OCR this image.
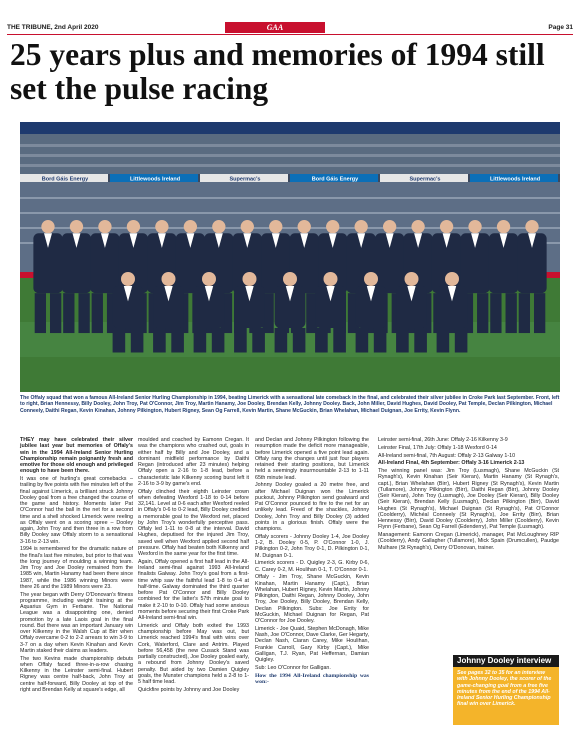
THE TRIBUNE, 2nd April 2020	GAA	Page 31
25 years plus and memories of 1994 still set the pulse racing
Bord Gáis Energy	Littlewoods Ireland	Supermac's	Bord Gáis Energy	Supermac's	Littlewoods Ireland

The Offaly squad that won a famous All-Ireland Senior Hurling Championship in 1994, beating Limerick with a sensational late comeback in the final, and celebrated their silver jubilee in Croke Park last September. Front, left to right, Brian Hennessy, Billy Dooley, John Troy, Pat O'Connor, Jim Troy, Martin Hanamy, Joe Dooley, Brendan Kelly, Johnny Dooley. Back, John Miller, David Hughes, David Dooley, Pat Temple, Declan Pilkington, Michael Conneely, Daithi Regan, Kevin Kinahan, Johnny Pilkington, Hubert Rigney, Sean Og Farrell, Kevin Martin, Shane McGuckin, Brian Whelahan, Michael Duignan, Joe Errity, Kevin Flynn.

THEY may have celebrated their silver jubilee last year but memories of Offaly's win in the 1994 All-Ireland Senior Hurling Championship remain poignantly fresh and emotive for those old enough and privileged enough to have been there.

It was one of hurling's great comebacks – trailing by five points with five minutes left of the final against Limerick, a brilliant struck Johnny Dooley goal from a free changed the course of the game and history. Moments later Pat O'Connor had the ball in the net for a second time and a shell shocked Limerick were reeling as Offaly went on a scoring spree – Dooley again, John Troy and then three in a row from Billy Dooley saw Offaly storm to a sensational 3-16 to 2-13 win.

1994 is remembered for the dramatic nature of the final's last five minutes, but prior to that was the long journey of moulding a winning team. Jim Troy and Joe Dooley remained from the 1985 win, Martin Hanamy had been there since 1987, while the 1986 winning Minors were there 26 and the 1989 Minors were 23.

The year began with Derry O'Donovan's fitness programme, including weight training at the Aquarius Gym in Ferbane. The National League was a disappointing one, denied promotion by a late Laois goal in the final round. But there was an important January win over Kilkenny in the Walsh Cup at Birr when Offaly overcame 0-2 to 2-2 arrears to win 3-9 to 3-7 on a day when Kevin Kinahan and Kevin Martin staked their claims as leaders.

The two Kevins made championship debuts when Offaly faced three-in-a-row chasing Kilkenny in the Leinster semi-final. Hubert Rigney was centre half-back, John Troy at centre half-forward, Billy Dooley at top of the right and Brendan Kelly at square's edge, all

moulded and coached by Eamonn Cregan. It was the champions who crashed out, goals in either half by Billy and Joe Dooley, and a dominant midfield performance by Daithi Regan (introduced after 23 minutes) helping Offaly open a 2-16 to 1-8 lead, before a characteristic late Kilkenny scoring burst left it 2-16 to 3-9 by game's end.

Offaly clinched their eighth Leinster crown when defeating Wexford 1-18 to 0-14 before 32,141. Level at 0-6 each after Wexford reeled in Offaly's 0-6 to 0-2 lead, Billy Dooley credited a memorable goal to the Wexford net, placed by John Troy's wonderfully perceptive pass. Offaly led 1-11 to 0-8 at the interval. David Hughes, deputised for the injured Jim Troy, saved well when Wexford applied second half pressure. Offaly had beaten both Kilkenny and Wexford in the same year for the first time.

Again, Offaly opened a first half lead in the All-Ireland semi-final against 1993 All-Ireland finalists Galway. John Troy's goal from a first-time whip saw the faithful lead 1-8 to 0-4 at half-time. Galway dominated the third quarter before Pat O'Connor and Billy Dooley combined for the latter's 57th minute goal to make it 2-10 to 0-10. Offaly had some anxious moments before securing their first Croke Park All-Ireland semi-final win.

Limerick and Offaly both exited the 1993 championship before May was out, but Limerick reached 1994's final with wins over Cork, Waterford, Clare and Antrim. Played before 56,458 (the new Cusack Stand was partially constructed), Joe Dooley goaled early, a rebound from Johnny Dooley's saved penalty. But aided by two Damien Quigley goals, the Munster champions held a 2-8 to 1-5 half time lead.

Quickfire points by Johnny and Joe Dooley

and Declan and Johnny Pilkington following the resumption made the deficit more manageable, before Limerick opened a five point lead again. Offaly rang the changes until just four players retained their starting positions, but Limerick held a seemingly insurmountable 2-13 to 1-11 65th minute lead.

Johnny Dooley goaled a 20 metre free, and after Michael Duignan won the Limerick puckout, Johnny Pilkington send goalward and Pat O'Connor pounced to fire to the net for an unlikely lead. Freed of the shackles, Johnny Dooley, John Troy and Billy Dooley (3) added points in a glorious finish. Offaly were the champions.

Offaly scorers - Johnny Dooley 1-4, Joe Dooley 1-2, B. Dooley 0-5, P. O'Connor 1-0, J. Pilkington 0-2, John Troy 0-1, D. Pilkington 0-1, M. Duignan 0-1.

Limerick scorers - D. Quigley 2-3, G. Kirby 0-6, C. Carey 0-2, M. Houlihan 0-1, T. O'Connor 0-1.

Offaly - Jim Troy, Shane McGuckin, Kevin Kinahan, Martin Hanamy (Capt.), Brian Whelahan, Hubert Rigney, Kevin Martin, Johnny Pilkington, Daithi Regan, Johnny Dooley, John Troy, Joe Dooley, Billy Dooley, Brendan Kelly, Declan Pilkington. Subs: Joe Errity for McGuckin, Michael Duignan for Regan, Pat O'Connor for Joe Dooley.

Limerick - Joe Quaid, Stephen McDonagh, Mike Nash, Joe O'Connor, Dave Clarke, Ger Hegarty, Declan Nash, Ciaran Carey, Mike Houlihan, Frankie Carroll, Gary Kirby (Capt.), Mike Galligan, T.J. Ryan, Pat Heffernan, Damian Quigley.

Sub: Leo O'Connor for Galligan.

How the 1994 All-Ireland championship was won:-

Leinster semi-final, 26th June: Offaly 2-16 Kilkenny 3-9

Leinster Final, 17th July: Offaly 1-18 Wexford 0-14

All-Ireland semi-final, 7th August: Offaly 2-13 Galway 1-10

All-Ireland Final, 4th September: Offaly 3-16 Limerick 2-13

The winning panel was: Jim Troy (Lusmagh), Shane McGuckin (St Rynagh's), Kevin Kinahan (Seir Kieran), Martin Hanamy (St Rynagh's, capt.), Brian Whelahan (Birr), Hubert Rigney (St Rynagh's), Kevin Martin (Tullamore), Johnny Pilkington (Birr), Daithi Regan (Birr), Johnny Dooley (Seir Kieran), John Troy (Lusmagh), Joe Dooley (Seir Kieran), Billy Dooley (Seir Kieran), Brendan Kelly (Lusmagh), Declan Pilkington (Birr), David Hughes (St Rynagh's), Michael Duignan (St Rynagh's), Pat O'Connor (Coolderry), Michéal Conneely (St Rynagh's), Joe Errity (Birr), Brian Hennessy (Birr), David Dooley (Coolderry), John Miller (Coolderry), Kevin Flynn (Ferbane), Sean Og Farrell (Edenderry), Pat Temple (Lusmagh).

Management: Eamonn Cregan (Limerick), manager, Pat McLoughney RIP (Coolderry), Andy Gallagher (Tullamore), Mick Spain (Drumcullen), Paudge Mulhare (St Rynagh's), Derry O'Donovan, trainer.

Johnny Dooley interview
See pages 32 to 35 for an interview with Johnny Dooley, the scorer of the game-changing goal from a free five minutes from the end of the 1994 All-Ireland Senior Hurling Championship final win over Limerick.
